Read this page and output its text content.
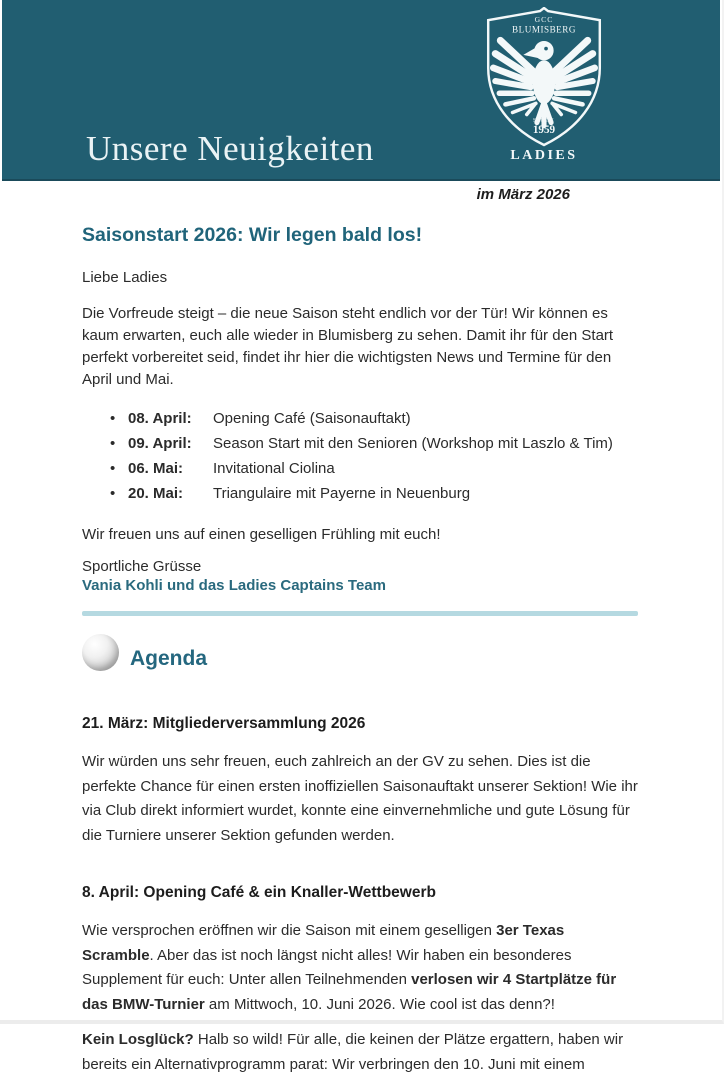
Unsere Neuigkeiten
GCC
BLUMISBERG
SINCE
1959
LADIES
im März 2026
Saisonstart 2026: Wir legen bald los!

Liebe Ladies

Die Vorfreude steigt – die neue Saison steht endlich vor der Tür! Wir können es kaum erwarten, euch alle wieder in Blumisberg zu sehen. Damit ihr für den Start perfekt vorbereitet seid, findet ihr hier die wichtigsten News und Termine für den April und Mai.

• 08. April:	Opening Café (Saisonauftakt)
• 09. April:	Season Start mit den Senioren (Workshop mit Laszlo & Tim)
• 06. Mai:	Invitational Ciolina
• 20. Mai:	Triangulaire mit Payerne in Neuenburg

Wir freuen uns auf einen geselligen Frühling mit euch!

Sportliche Grüsse

Vania Kohli und das Ladies Captains Team

Agenda
21. März: Mitgliederversammlung 2026

Wir würden uns sehr freuen, euch zahlreich an der GV zu sehen. Dies ist die perfekte Chance für einen ersten inoffiziellen Saisonauftakt unserer Sektion! Wie ihr via Club direkt informiert wurdet, konnte eine einvernehmliche und gute Lösung für die Turniere unserer Sektion gefunden werden.

8. April: Opening Café & ein Knaller-Wettbewerb

Wie versprochen eröffnen wir die Saison mit einem geselligen 3er Texas Scramble. Aber das ist noch längst nicht alles! Wir haben ein besonderes Supplement für euch: Unter allen Teilnehmenden verlosen wir 4 Startplätze für das BMW-Turnier am Mittwoch, 10. Juni 2026. Wie cool ist das denn?!

Kein Losglück? Halb so wild! Für alle, die keinen der Plätze ergattern, haben wir bereits ein Alternativprogramm parat: Wir verbringen den 10. Juni mit einem
